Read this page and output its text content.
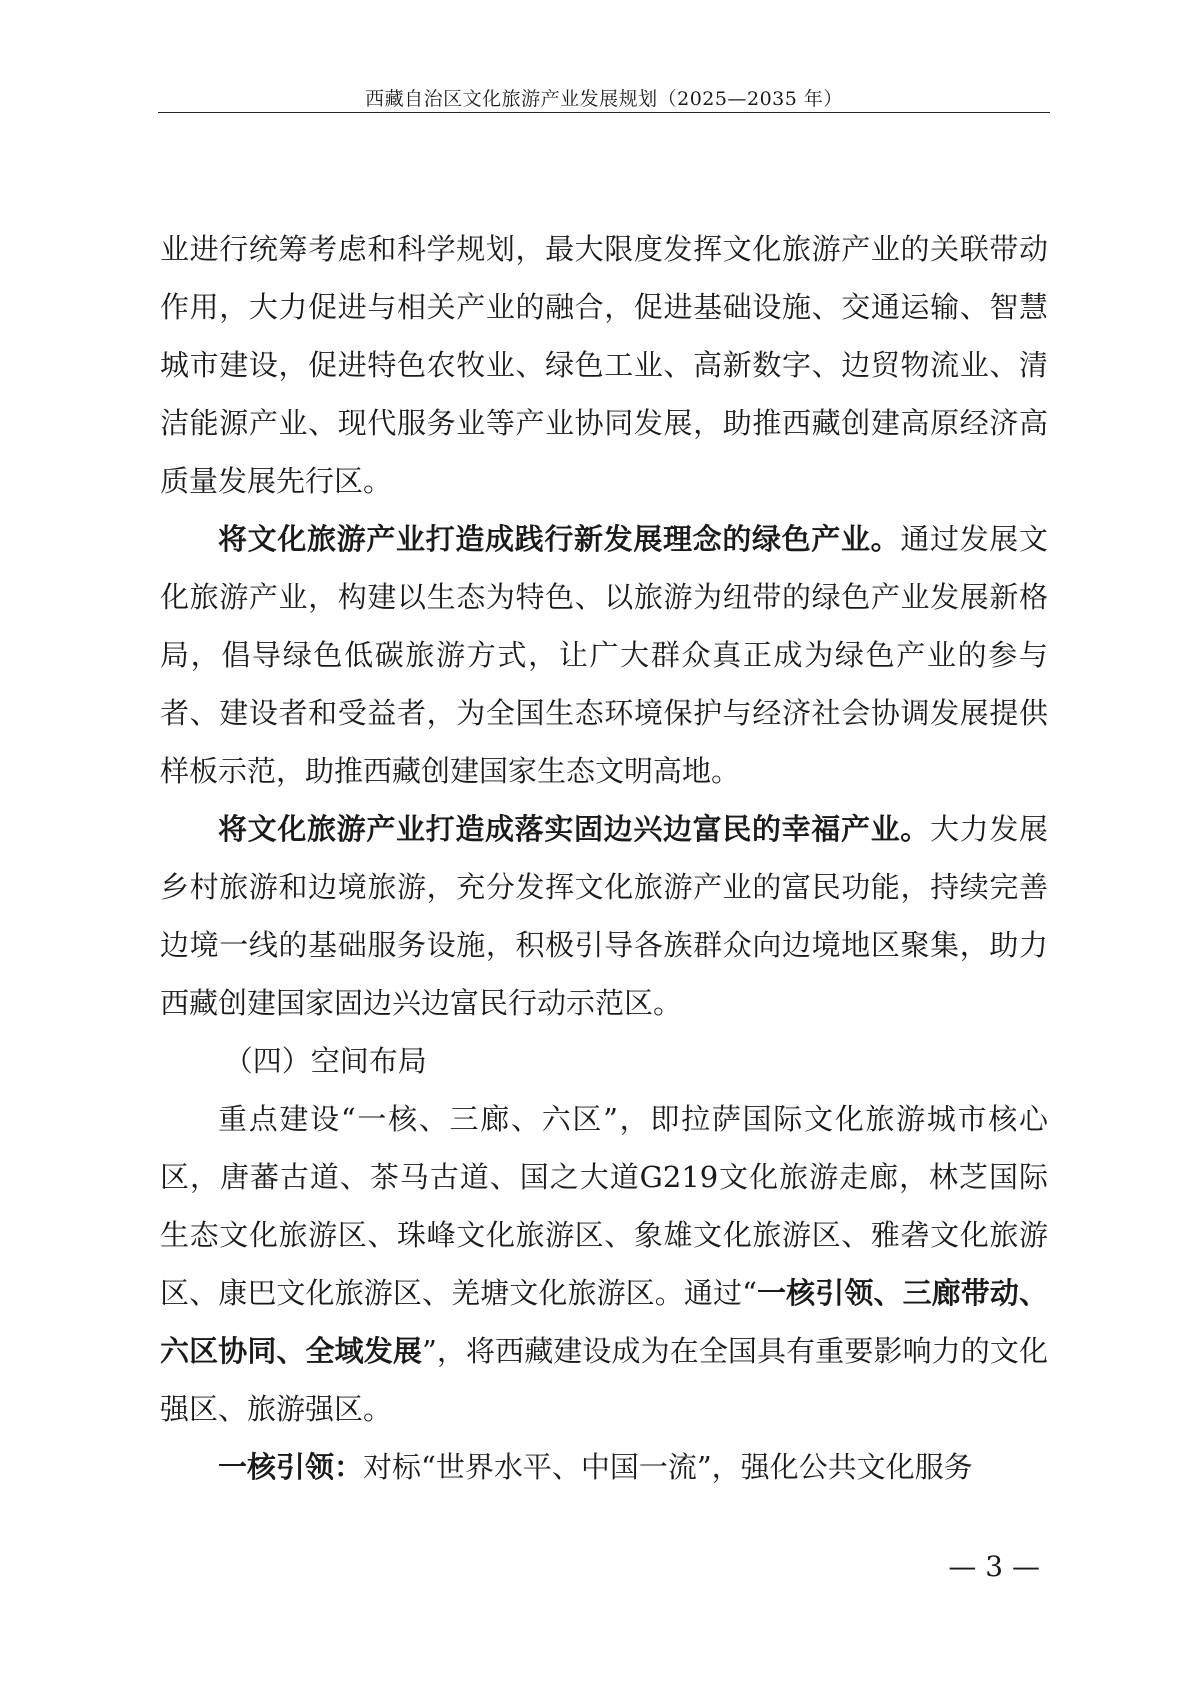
西藏自治区文化旅游产业发展规划（2025—2035 年）

业进行统筹考虑和科学规划，最大限度发挥文化旅游产业的关联带动作用，大力促进与相关产业的融合，促进基础设施、交通运输、智慧城市建设，促进特色农牧业、绿色工业、高新数字、边贸物流业、清洁能源产业、现代服务业等产业协同发展，助推西藏创建高原经济高质量发展先行区。

将文化旅游产业打造成践行新发展理念的绿色产业。通过发展文化旅游产业，构建以生态为特色、以旅游为纽带的绿色产业发展新格局，倡导绿色低碳旅游方式，让广大群众真正成为绿色产业的参与者、建设者和受益者，为全国生态环境保护与经济社会协调发展提供样板示范，助推西藏创建国家生态文明高地。

将文化旅游产业打造成落实固边兴边富民的幸福产业。大力发展乡村旅游和边境旅游，充分发挥文化旅游产业的富民功能，持续完善边境一线的基础服务设施，积极引导各族群众向边境地区聚集，助力西藏创建国家固边兴边富民行动示范区。

（四）空间布局

重点建设“一核、三廊、六区”，即拉萨国际文化旅游城市核心区，唐蕃古道、茶马古道、国之大道G219文化旅游走廊，林芝国际生态文化旅游区、珠峰文化旅游区、象雄文化旅游区、雅砻文化旅游区、康巴文化旅游区、羌塘文化旅游区。通过“一核引领、三廊带动、六区协同、全域发展”，将西藏建设成为在全国具有重要影响力的文化强区、旅游强区。

一核引领：对标“世界水平、中国一流”，强化公共文化服务

— 3 —
